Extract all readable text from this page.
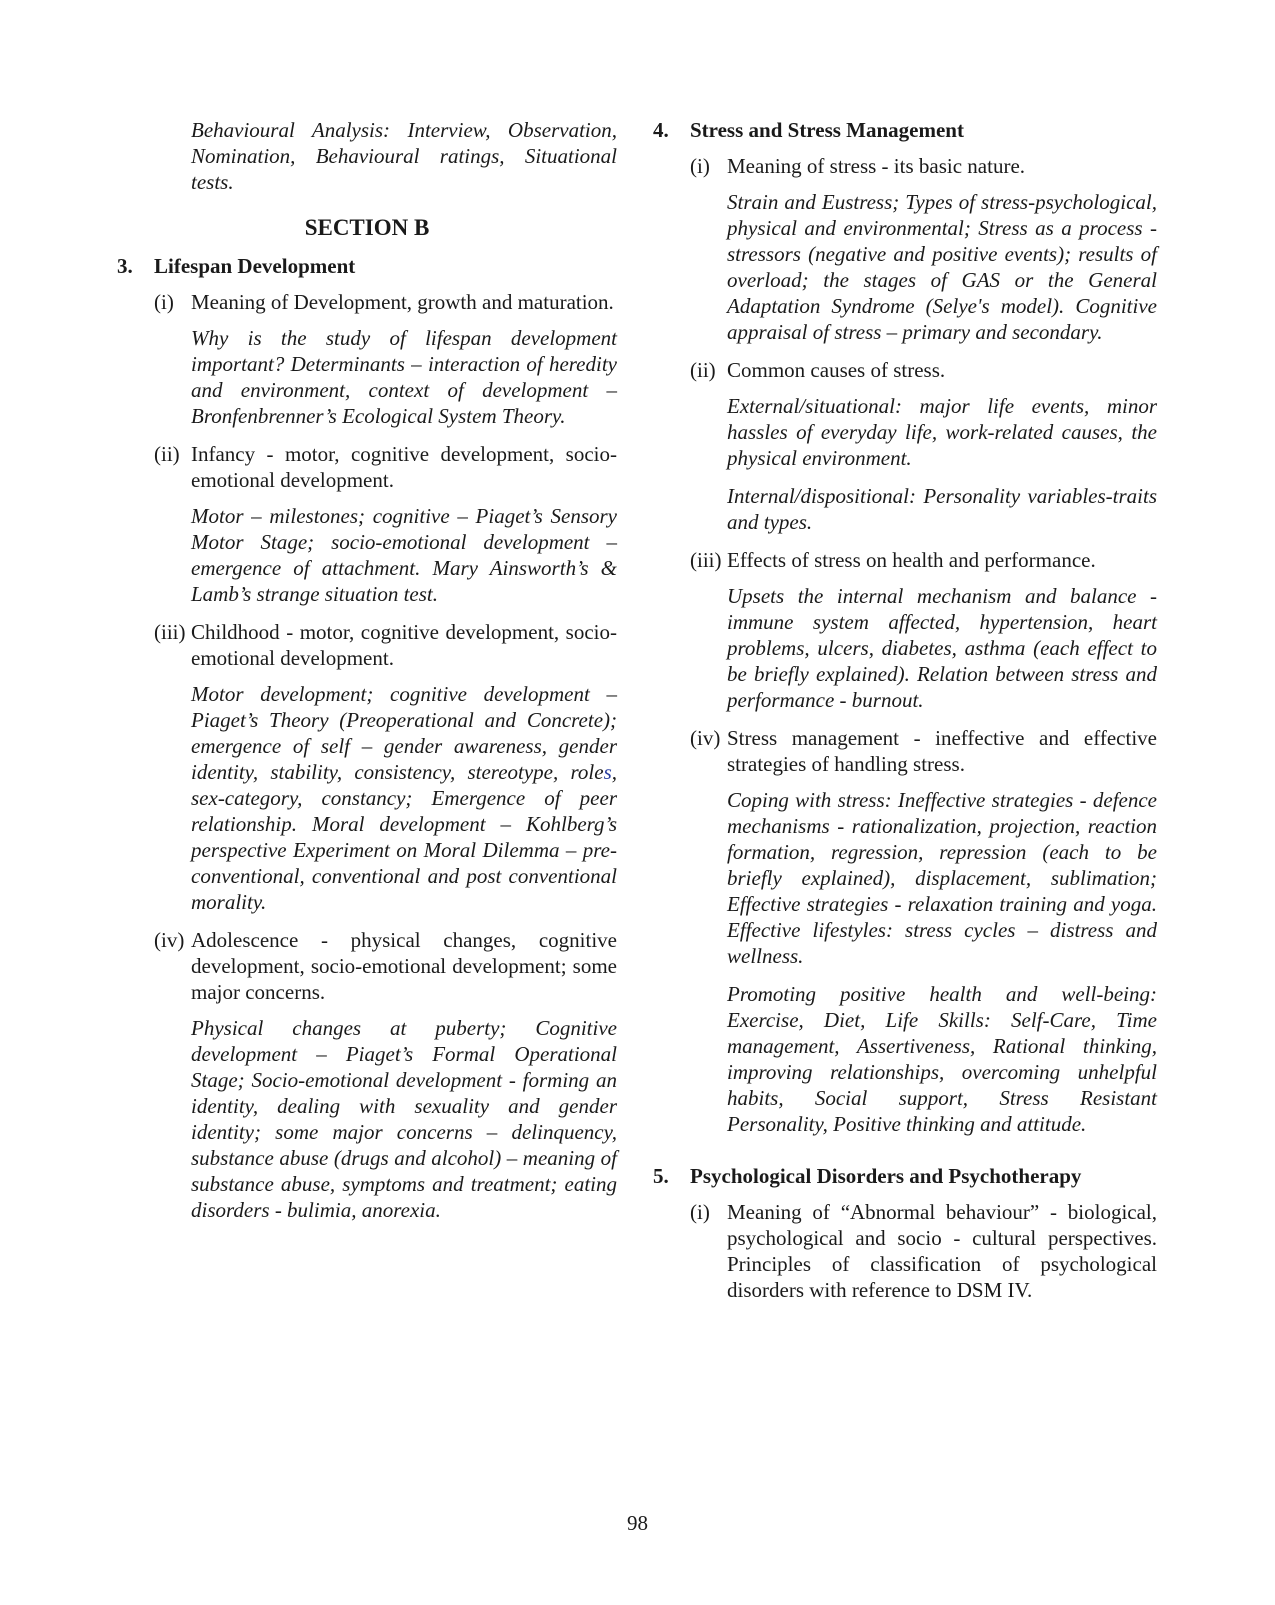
Behavioural Analysis: Interview, Observation, Nomination, Behavioural ratings, Situational tests.

SECTION B
3.	Lifespan Development
(i) Meaning of Development, growth and maturation.

Why is the study of lifespan development important? Determinants – interaction of heredity and environment, context of development – Bronfenbrenner’s Ecological System Theory.

(ii) Infancy - motor, cognitive development, socio-emotional development.

Motor – milestones; cognitive – Piaget’s Sensory Motor Stage; socio-emotional development – emergence of attachment. Mary Ainsworth’s & Lamb’s strange situation test.

(iii) Childhood - motor, cognitive development, socio-emotional development.

Motor development; cognitive development – Piaget’s Theory (Preoperational and Concrete); emergence of self – gender awareness, gender identity, stability, consistency, stereotype, roles, sex-category, constancy; Emergence of peer relationship. Moral development – Kohlberg’s perspective Experiment on Moral Dilemma – pre-conventional, conventional and post conventional morality.

(iv) Adolescence - physical changes, cognitive development, socio-emotional development; some major concerns.

Physical changes at puberty; Cognitive development – Piaget’s Formal Operational Stage; Socio-emotional development - forming an identity, dealing with sexuality and gender identity; some major concerns – delinquency, substance abuse (drugs and alcohol) – meaning of substance abuse, symptoms and treatment; eating disorders - bulimia, anorexia.

4.	Stress and Stress Management
(i) Meaning of stress - its basic nature.

Strain and Eustress; Types of stress-psychological, physical and environmental; Stress as a process - stressors (negative and positive events); results of overload; the stages of GAS or the General Adaptation Syndrome (Selye's model). Cognitive appraisal of stress – primary and secondary.

(ii) Common causes of stress.

External/situational: major life events, minor hassles of everyday life, work-related causes, the physical environment.

Internal/dispositional: Personality variables-traits and types.

(iii) Effects of stress on health and performance.

Upsets the internal mechanism and balance - immune system affected, hypertension, heart problems, ulcers, diabetes, asthma (each effect to be briefly explained). Relation between stress and performance - burnout.

(iv) Stress management - ineffective and effective strategies of handling stress.

Coping with stress: Ineffective strategies - defence mechanisms - rationalization, projection, reaction formation, regression, repression (each to be briefly explained), displacement, sublimation; Effective strategies - relaxation training and yoga. Effective lifestyles: stress cycles – distress and wellness.

Promoting positive health and well-being: Exercise, Diet, Life Skills: Self-Care, Time management, Assertiveness, Rational thinking, improving relationships, overcoming unhelpful habits, Social support, Stress Resistant Personality, Positive thinking and attitude.

5.	Psychological Disorders and Psychotherapy
(i) Meaning of “Abnormal behaviour” - biological, psychological and socio - cultural perspectives. Principles of classification of psychological disorders with reference to DSM IV.
98
